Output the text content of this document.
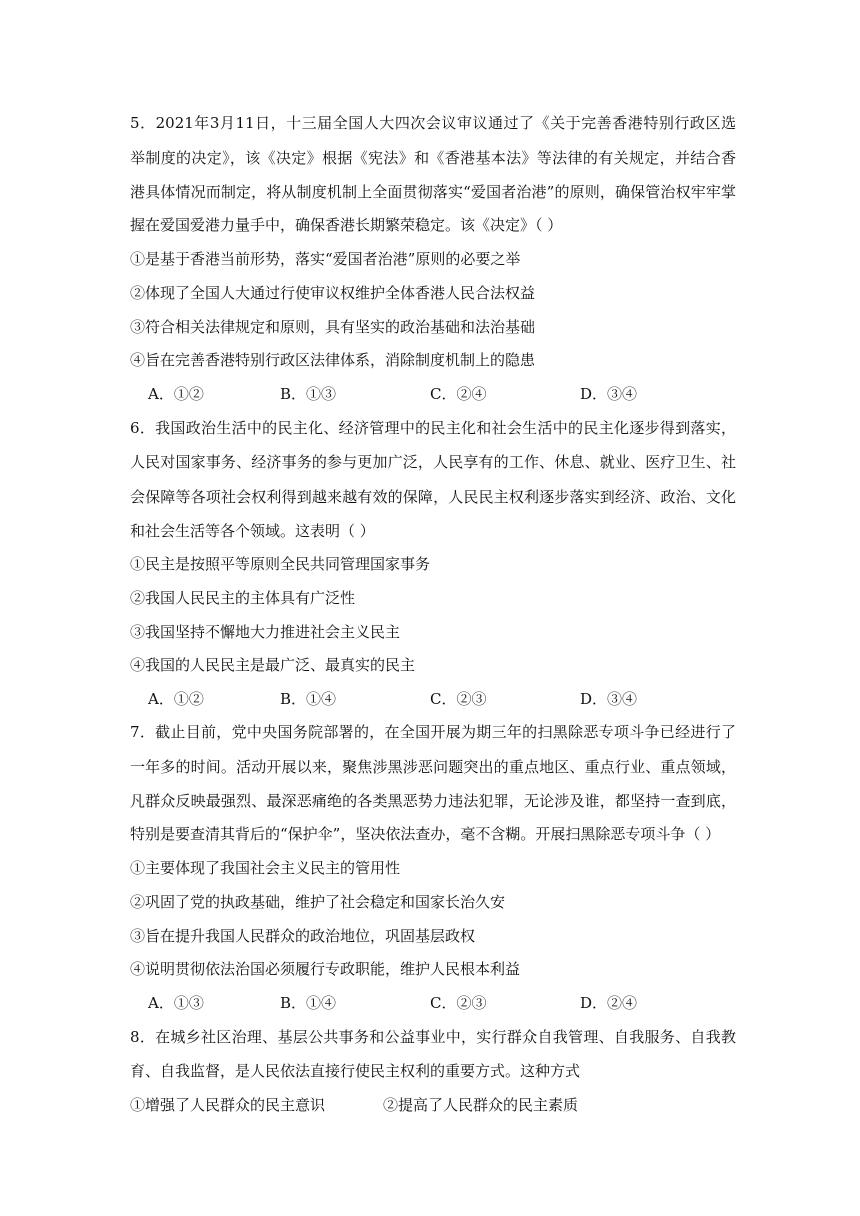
5．2021年3月11日，十三届全国人大四次会议审议通过了《关于完善香港特别行政区选
举制度的决定》，该《决定》根据《宪法》和《香港基本法》等法律的有关规定，并结合香
港具体情况而制定，将从制度机制上全面贯彻落实“爱国者治港”的原则，确保管治权牢牢掌
握在爱国爱港力量手中，确保香港长期繁荣稳定。该《决定》（ ）
①是基于香港当前形势，落实“爱国者治港”原则的必要之举
②体现了全国人大通过行使审议权维护全体香港人民合法权益
③符合相关法律规定和原则，具有坚实的政治基础和法治基础
④旨在完善香港特别行政区法律体系，消除制度机制上的隐患
A．①②	B．①③	C．②④	D．③④
6．我国政治生活中的民主化、经济管理中的民主化和社会生活中的民主化逐步得到落实，
人民对国家事务、经济事务的参与更加广泛，人民享有的工作、休息、就业、医疗卫生、社
会保障等各项社会权利得到越来越有效的保障，人民民主权利逐步落实到经济、政治、文化
和社会生活等各个领域。这表明（ ）
①民主是按照平等原则全民共同管理国家事务
②我国人民民主的主体具有广泛性
③我国坚持不懈地大力推进社会主义民主
④我国的人民民主是最广泛、最真实的民主
A．①②	B．①④	C．②③	D．③④
7．截止目前，党中央国务院部署的，在全国开展为期三年的扫黑除恶专项斗争已经进行了
一年多的时间。活动开展以来，聚焦涉黑涉恶问题突出的重点地区、重点行业、重点领域，
凡群众反映最强烈、最深恶痛绝的各类黑恶势力违法犯罪，无论涉及谁，都坚持一查到底，
特别是要查清其背后的“保护伞”，坚决依法查办，毫不含糊。开展扫黑除恶专项斗争（ ）
①主要体现了我国社会主义民主的管用性
②巩固了党的执政基础，维护了社会稳定和国家长治久安
③旨在提升我国人民群众的政治地位，巩固基层政权
④说明贯彻依法治国必须履行专政职能，维护人民根本利益
A．①③	B．①④	C．②③	D．②④
8．在城乡社区治理、基层公共事务和公益事业中，实行群众自我管理、自我服务、自我教
育、自我监督，是人民依法直接行使民主权利的重要方式。这种方式
①增强了人民群众的民主意识	②提高了人民群众的民主素质
